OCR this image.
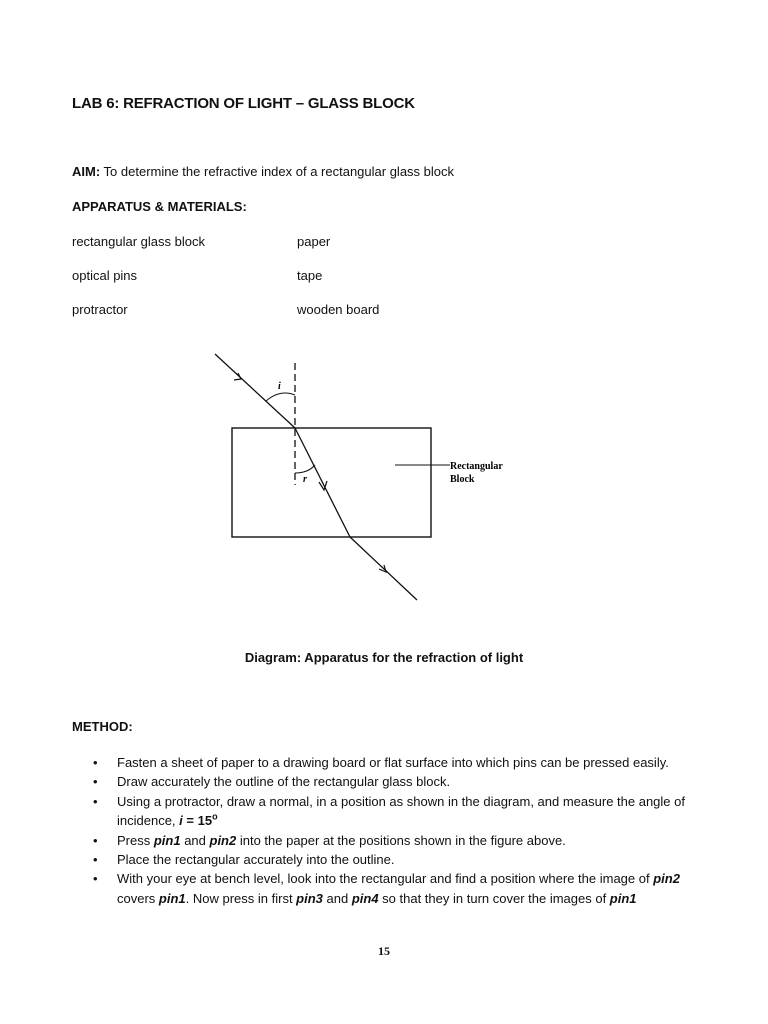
LAB 6: REFRACTION OF LIGHT – GLASS BLOCK
AIM: To determine the refractive index of a rectangular glass block
APPARATUS & MATERIALS:
rectangular glass block
optical pins
protractor
paper
tape
wooden board
i
r
Rectangular
Block
Diagram: Apparatus for the refraction of light
METHOD:
• Fasten a sheet of paper to a drawing board or flat surface into which pins can be pressed easily.
• Draw accurately the outline of the rectangular glass block.
• Using a protractor, draw a normal, in a position as shown in the diagram, and measure the angle of incidence, $i = 15^o$
• Press pin1 and pin2 into the paper at the positions shown in the figure above.
• Place the rectangular accurately into the outline.
• With your eye at bench level, look into the rectangular and find a position where the image of pin2 covers pin1. Now press in first pin3 and pin4 so that they in turn cover the images of pin1
15
